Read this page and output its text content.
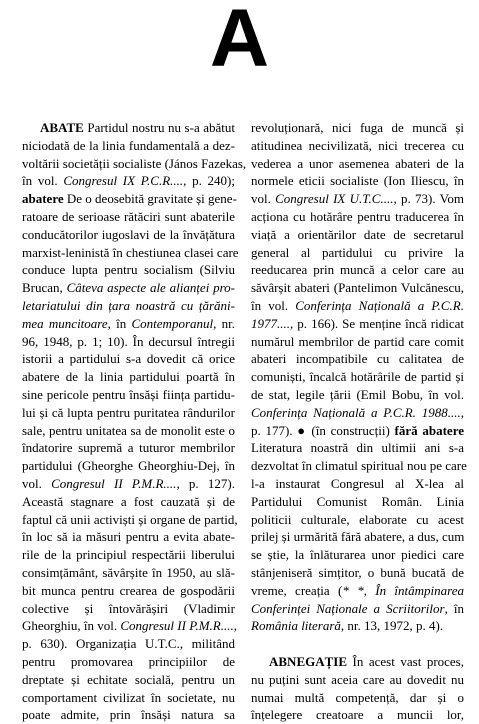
A
ABATE Partidul nostru nu s-a abătut
niciodată de la linia fundamentală a dez-
voltării societății socialiste (János Fazekas,
în vol. Congresul IX P.C.R...., p. 240);
abatere De o deosebită gravitate și gene-
ratoare de serioase rătăciri sunt abaterile
conducătorilor iugoslavi de la învățătura
marxist-leninistă în chestiunea clasei care
conduce lupta pentru socialism (Silviu
Brucan, Câteva aspecte ale alianței pro-
letariatului din țara noastră cu țărăni-
mea muncitoare, în Contemporanul, nr.
96, 1948, p. 1; 10). În decursul întregii
istorii a partidului s-a dovedit că orice
abatere de la linia partidului poartă în
sine pericole pentru însăși ființa partidu-
lui și că lupta pentru puritatea rândurilor
sale, pentru unitatea sa de monolit este o
îndatorire supremă a tuturor membrilor
partidului (Gheorghe Gheorghiu-Dej, în
vol. Congresul II P.M.R...., p. 127).
Această stagnare a fost cauzată și de
faptul că unii activiști și organe de partid,
în loc să ia măsuri pentru a evita abate-
rile de la principiul respectării liberului
consimțământ, săvârșite în 1950, au slă-
bit munca pentru crearea de gospodării
colective și întovărășiri (Vladimir
Gheorghiu, în vol. Congresul II P.M.R....,
p. 630). Organizația U.T.C., militând
pentru promovarea principiilor de
dreptate și echitate socială, pentru un
comportament civilizat în societate, nu
poate admite, prin însăși natura sa
revoluționară, nici fuga de muncă și
atitudinea necivilizată, nici trecerea cu
vederea a unor asemenea abateri de la
normele eticii socialiste (Ion Iliescu, în
vol. Congresul IX U.T.C...., p. 73). Vom
acționa cu hotărâre pentru traducerea în
viață a orientărilor date de secretarul
general al partidului cu privire la
reeducarea prin muncă a celor care au
săvârșit abateri (Pantelimon Vulcănescu,
în vol. Conferința Națională a P.C.R.
1977...., p. 166). Se menține încă ridicat
numărul membrilor de partid care comit
abateri incompatibile cu calitatea de
comuniști, încalcă hotărârile de partid și
de stat, legile țării (Emil Bobu, în vol.
Conferința Națională a P.C.R. 1988....,
p. 177). ● (în construcții) fără abatere
Literatura noastră din ultimii ani s-a
dezvoltat în climatul spiritual nou pe care
l-a instaurat Congresul al X-lea al
Partidului Comunist Român. Linia
politicii culturale, elaborate cu acest
prilej și urmărită fără abatere, a dus, cum
se știe, la înlăturarea unor piedici care
stânjeniseră simțitor, o bună bucată de
vreme, creația (* *, În întâmpinarea
Conferinței Naționale a Scriitorilor, în
România literară, nr. 13, 1972, p. 4).
ABNEGAȚIE În acest vast proces,
nu puțini sunt aceia care au dovedit nu
numai multă competență, dar și o
înțelegere creatoare a muncii lor,
